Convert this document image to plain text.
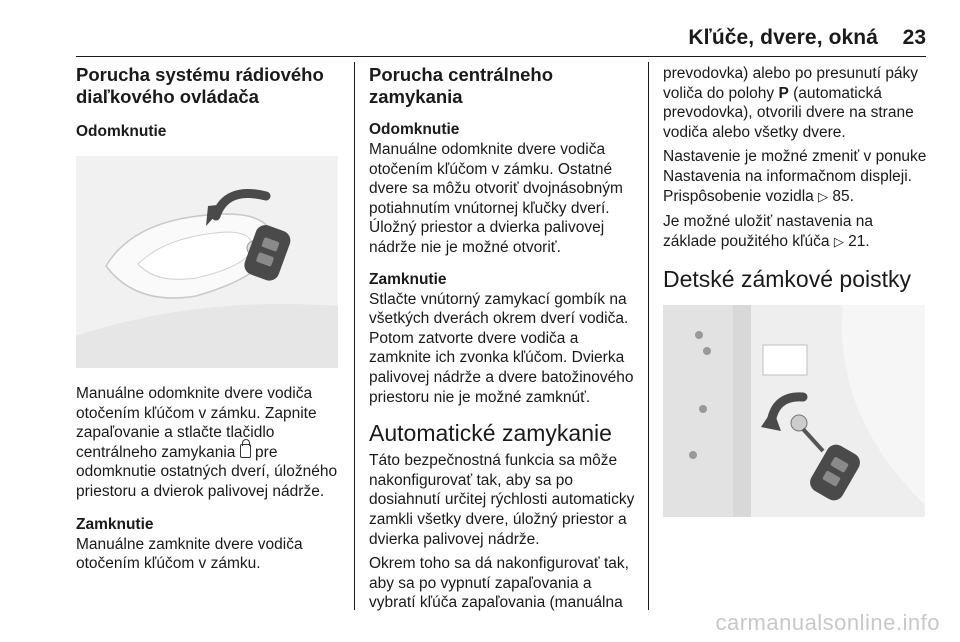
Kľúče, dvere, okná 23
Porucha systému rádiového
diaľkového ovládača
Odomknutie
Manuálne odomknite dvere vodiča otočením kľúčom v zámku. Zapnite zapaľovanie a stlačte tlačidlo centrálneho zamykania pre odomknutie ostatných dverí, úložného priestoru a dvierok palivovej nádrže.
Zamknutie
Manuálne zamknite dvere vodiča otočením kľúčom v zámku.
Porucha centrálneho zamykania
Odomknutie
Manuálne odomknite dvere vodiča otočením kľúčom v zámku. Ostatné dvere sa môžu otvoriť dvojnásobným potiahnutím vnútornej kľučky dverí. Úložný priestor a dvierka palivovej nádrže nie je možné otvoriť.
Zamknutie
Stlačte vnútorný zamykací gombík na všetkých dverách okrem dverí vodiča. Potom zatvorte dvere vodiča a zamknite ich zvonka kľúčom. Dvierka palivovej nádrže a dvere batožinového priestoru nie je možné zamknúť.
Automatické zamykanie
Táto bezpečnostná funkcia sa môže nakonfigurovať tak, aby sa po dosiahnutí určitej rýchlosti automaticky zamkli všetky dvere, úložný priestor a dvierka palivovej nádrže.
Okrem toho sa dá nakonfigurovať tak, aby sa po vypnutí zapaľovania a vybratí kľúča zapaľovania (manuálna
prevodovka) alebo po presunutí páky voliča do polohy P (automatická prevodovka), otvorili dvere na strane vodiča alebo všetky dvere.
Nastavenie je možné zmeniť v ponuke Nastavenia na informačnom displeji. Prispôsobenie vozidla ▷ 85.
Je možné uložiť nastavenia na základe použitého kľúča ▷ 21.
Detské zámkové poistky
carmanualsonline.info
